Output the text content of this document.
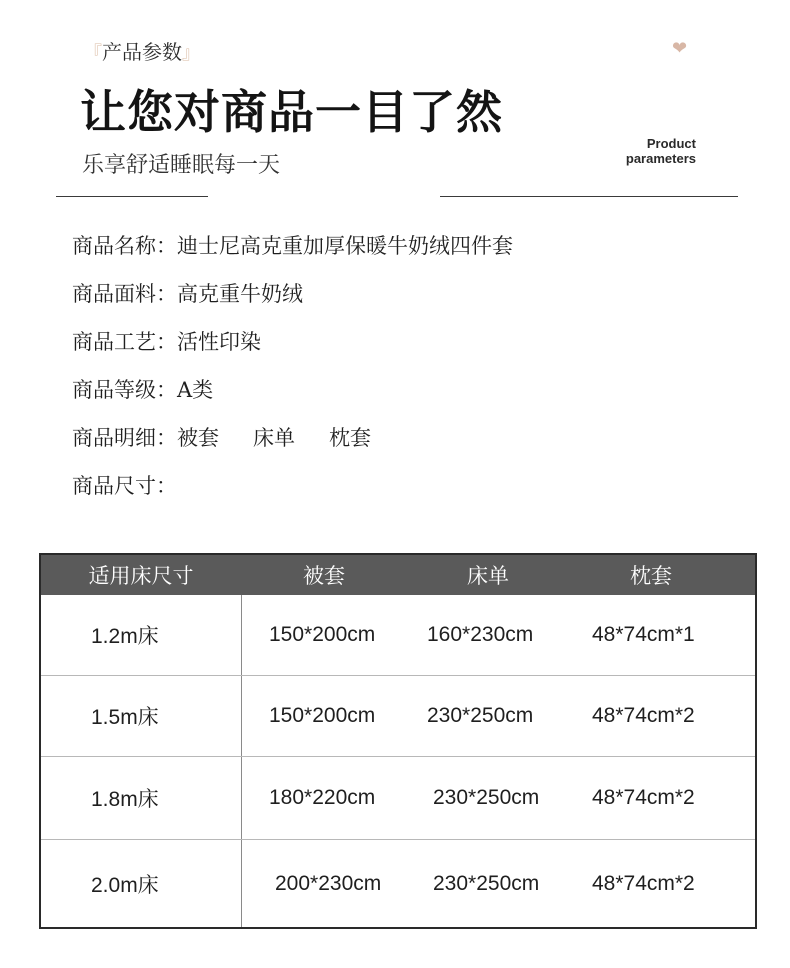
『产品参数』	❤
让您对商品一目了然
乐享舒适睡眠每一天
Product
parameters
商品名称：迪士尼高克重加厚保暖牛奶绒四件套
商品面料：高克重牛奶绒
商品工艺：活性印染
商品等级：A类
商品明细：被套 床单 枕套
商品尺寸：
适用床尺寸	被套	床单	枕套
1.2m床	150*200cm	160*230cm	48*74cm*1
1.5m床	150*200cm	230*250cm	48*74cm*2
1.8m床	180*220cm	230*250cm	48*74cm*2
2.0m床	200*230cm	230*250cm	48*74cm*2
